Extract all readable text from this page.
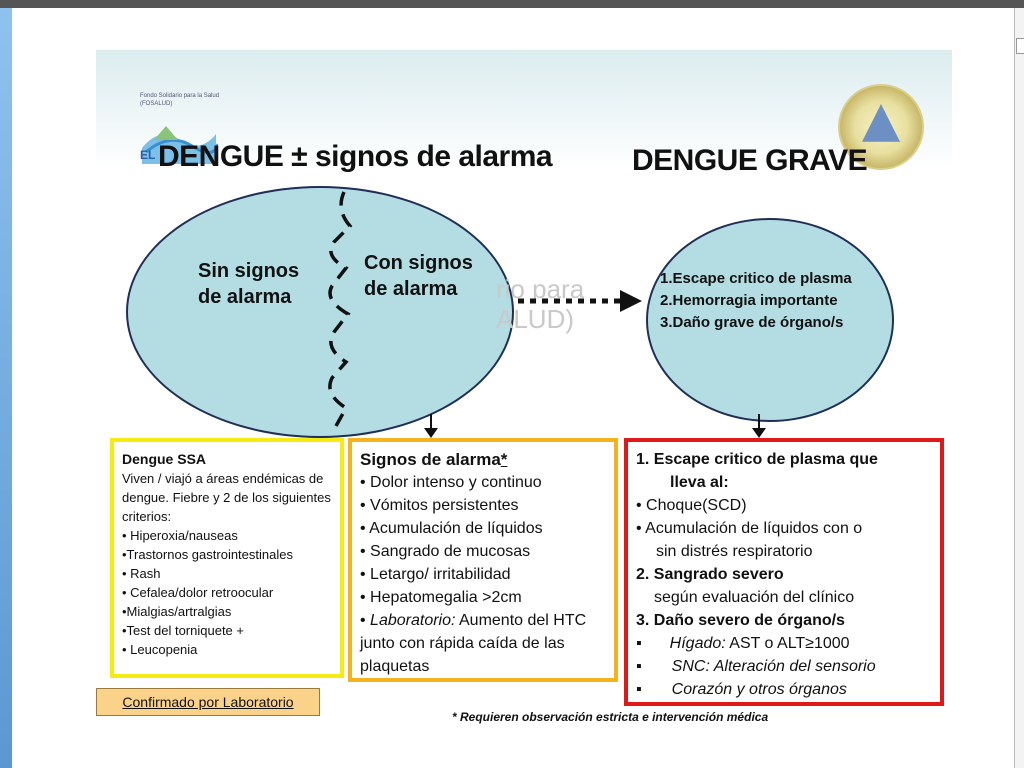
Fondo Solidario para la Salud (FOSALUD)
EL DENGUE ± signos de alarma	DENGUE GRAVE
rio para
ALUD)
Sin signos
de alarma
Con signos
de alarma	1.Escape critico de plasma
2.Hemorragia importante
3.Daño grave de órgano/s
Dengue SSA
Viven / viajó a áreas endémicas de dengue. Fiebre y 2 de los siguientes criterios:
• Hiperoxia/nauseas
•Trastornos gastrointestinales
• Rash
• Cefalea/dolor retroocular
•Mialgias/artralgias
•Test del torniquete +
• Leucopenia
Signos de alarma*
• Dolor intenso y continuo
• Vómitos persistentes
• Acumulación de líquidos
• Sangrado de mucosas
• Letargo/ irritabilidad
• Hepatomegalia >2cm
• Laboratorio: Aumento del HTC junto con rápida caída de las plaquetas
1. Escape critico de plasma que
lleva al:
• Choque(SCD)
• Acumulación de líquidos con o
sin distrés respiratorio
2. Sangrado severo
según evaluación del clínico
3. Daño severo de órgano/s
▪ Hígado: AST o ALT≥1000
▪ SNC: Alteración del sensorio
▪ Corazón y otros órganos
Confirmado por Laboratorio
* Requieren observación estricta e intervención médica
